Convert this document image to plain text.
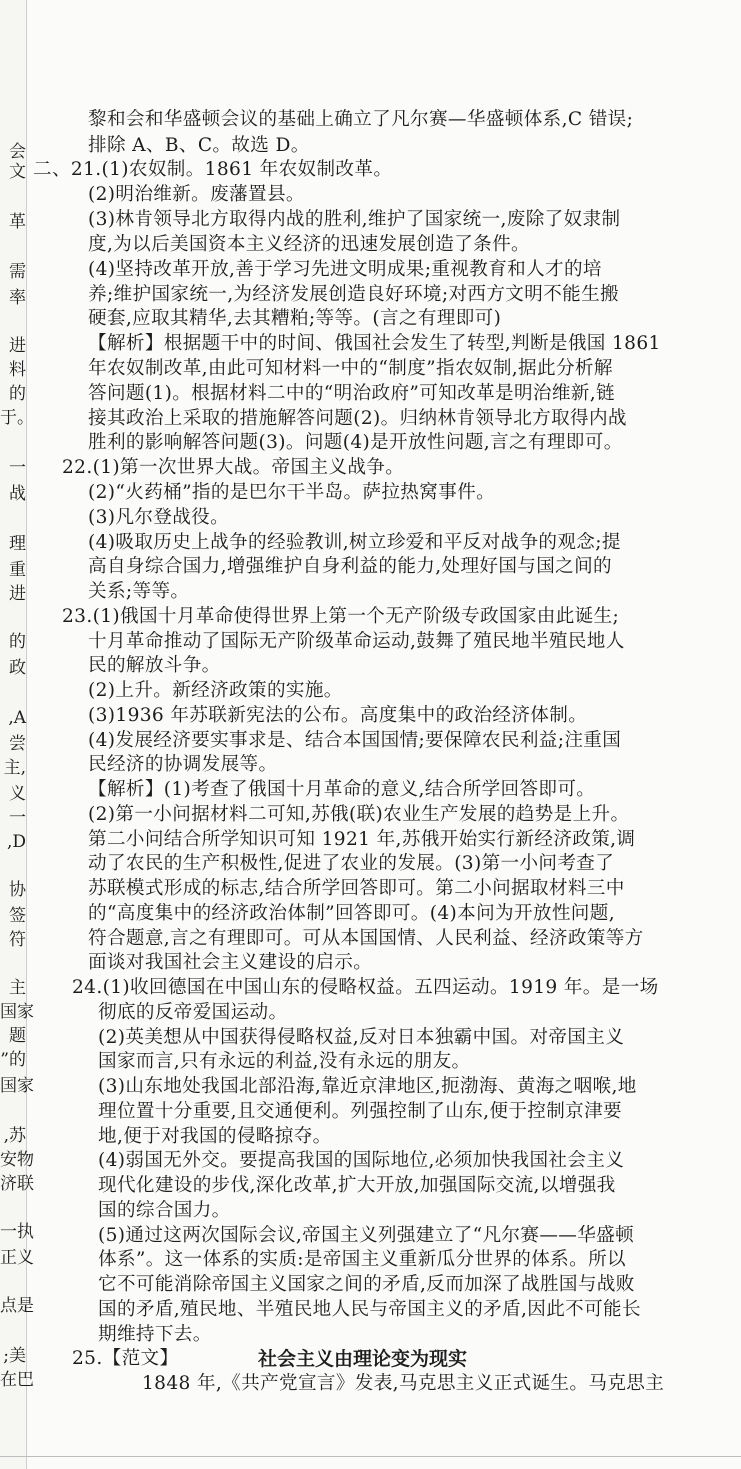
会
文
革
需
率
进
料
的
于。
一
战
理
重
进
的
政
,A
尝
主,
义
一
,D
协
签
符
主
国家
题
”的
国家
,苏
安物
济联
一执
正义
点是
;美
在巴
黎和会和华盛顿会议的基础上确立了凡尔赛—华盛顿体系,C 错误;
排除 A、B、C。故选 D。
二、21.(1)农奴制。1861 年农奴制改革。
(2)明治维新。废藩置县。
(3)林肯领导北方取得内战的胜利,维护了国家统一,废除了奴隶制
度,为以后美国资本主义经济的迅速发展创造了条件。
(4)坚持改革开放,善于学习先进文明成果;重视教育和人才的培
养;维护国家统一,为经济发展创造良好环境;对西方文明不能生搬
硬套,应取其精华,去其糟粕;等等。(言之有理即可)
【解析】根据题干中的时间、俄国社会发生了转型,判断是俄国 1861
年农奴制改革,由此可知材料一中的“制度”指农奴制,据此分析解
答问题(1)。根据材料二中的“明治政府”可知改革是明治维新,链
接其政治上采取的措施解答问题(2)。归纳林肯领导北方取得内战
胜利的影响解答问题(3)。问题(4)是开放性问题,言之有理即可。
22.(1)第一次世界大战。帝国主义战争。
(2)“火药桶”指的是巴尔干半岛。萨拉热窝事件。
(3)凡尔登战役。
(4)吸取历史上战争的经验教训,树立珍爱和平反对战争的观念;提
高自身综合国力,增强维护自身利益的能力,处理好国与国之间的
关系;等等。
23.(1)俄国十月革命使得世界上第一个无产阶级专政国家由此诞生;
十月革命推动了国际无产阶级革命运动,鼓舞了殖民地半殖民地人
民的解放斗争。
(2)上升。新经济政策的实施。
(3)1936 年苏联新宪法的公布。高度集中的政治经济体制。
(4)发展经济要实事求是、结合本国国情;要保障农民利益;注重国
民经济的协调发展等。
【解析】(1)考查了俄国十月革命的意义,结合所学回答即可。
(2)第一小问据材料二可知,苏俄(联)农业生产发展的趋势是上升。
第二小问结合所学知识可知 1921 年,苏俄开始实行新经济政策,调
动了农民的生产积极性,促进了农业的发展。(3)第一小问考查了
苏联模式形成的标志,结合所学回答即可。第二小问据取材料三中
的“高度集中的经济政治体制”回答即可。(4)本问为开放性问题,
符合题意,言之有理即可。可从本国国情、人民利益、经济政策等方
面谈对我国社会主义建设的启示。
24.(1)收回德国在中国山东的侵略权益。五四运动。1919 年。是一场
彻底的反帝爱国运动。
(2)英美想从中国获得侵略权益,反对日本独霸中国。对帝国主义
国家而言,只有永远的利益,没有永远的朋友。
(3)山东地处我国北部沿海,靠近京津地区,扼渤海、黄海之咽喉,地
理位置十分重要,且交通便利。列强控制了山东,便于控制京津要
地,便于对我国的侵略掠夺。
(4)弱国无外交。要提高我国的国际地位,必须加快我国社会主义
现代化建设的步伐,深化改革,扩大开放,加强国际交流,以增强我
国的综合国力。
(5)通过这两次国际会议,帝国主义列强建立了“凡尔赛——华盛顿
体系”。这一体系的实质:是帝国主义重新瓜分世界的体系。所以
它不可能消除帝国主义国家之间的矛盾,反而加深了战胜国与战败
国的矛盾,殖民地、半殖民地人民与帝国主义的矛盾,因此不可能长
期维持下去。
25.【范文】	社会主义由理论变为现实
1848 年,《共产党宣言》发表,马克思主义正式诞生。马克思主
